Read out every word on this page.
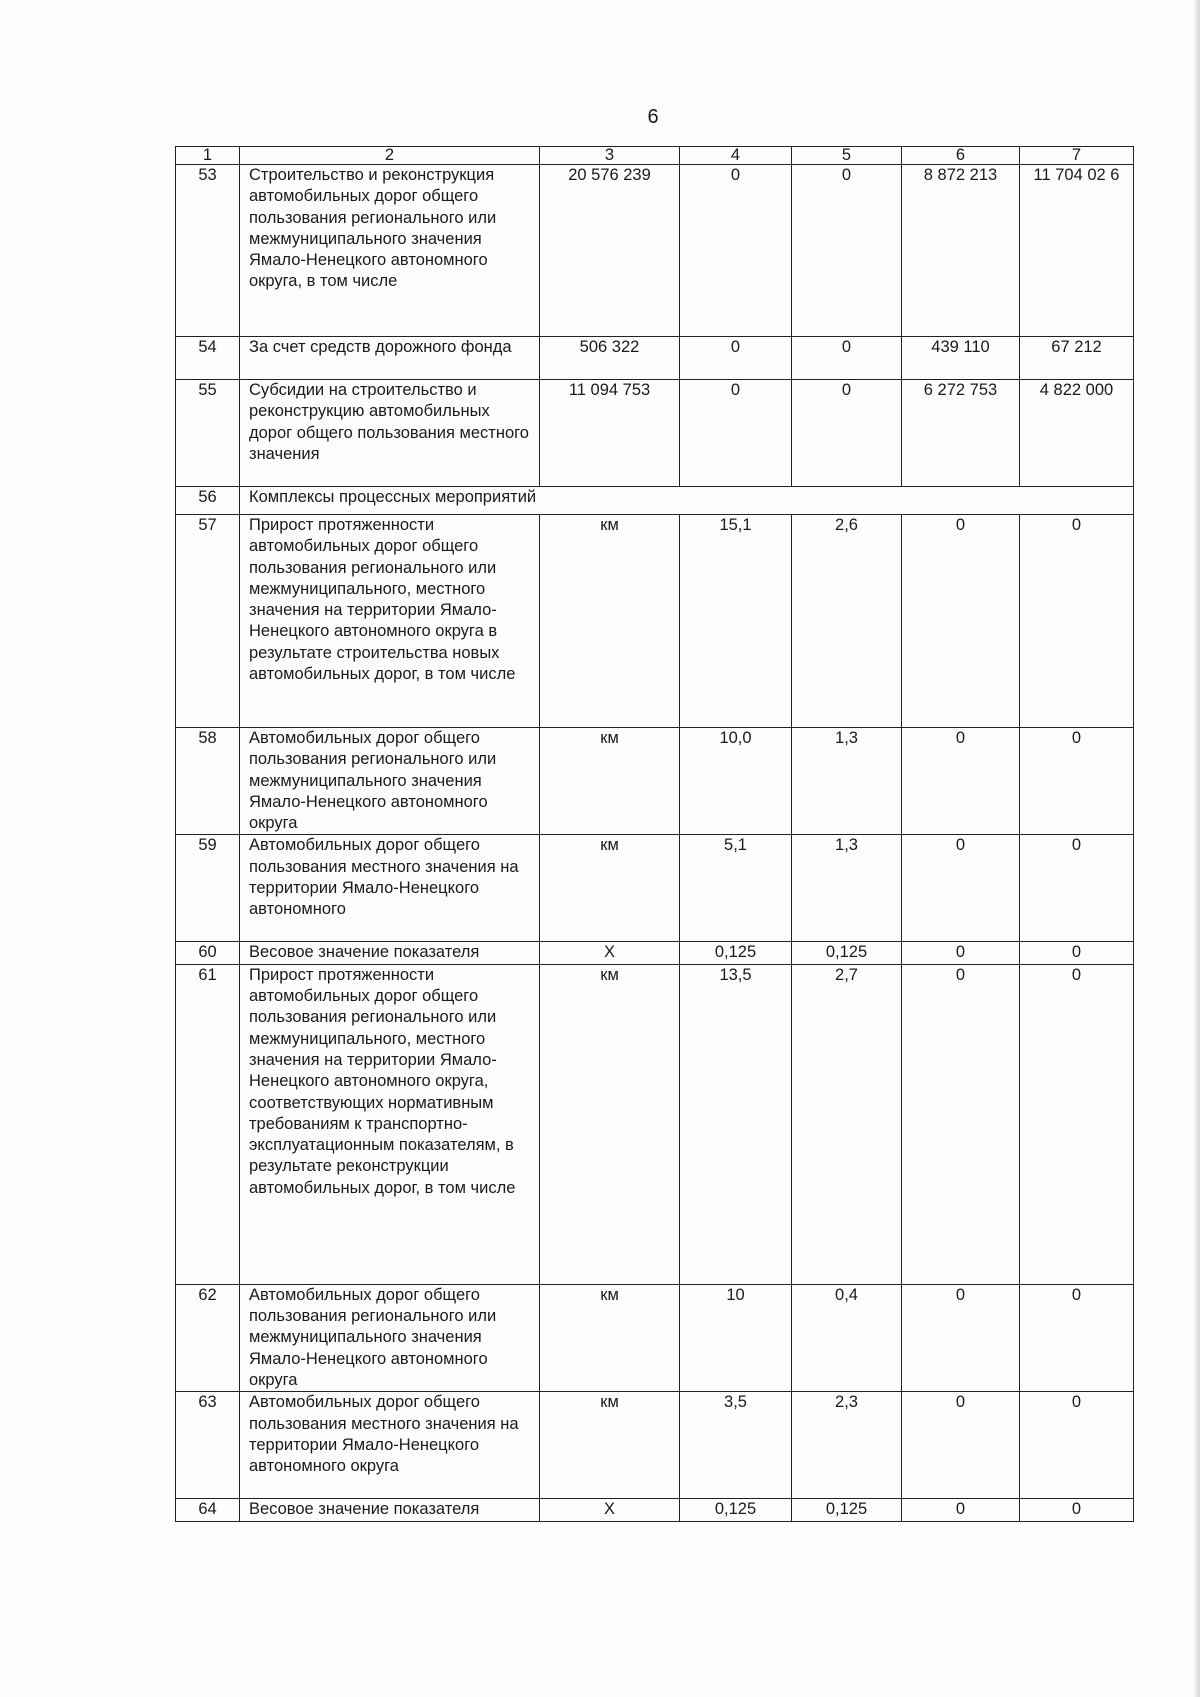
6
1	2	3	4	5	6	7
53	Строительство и реконструкция автомобильных дорог общего пользования регионального или межмуниципального значения Ямало-Ненецкого автономного округа, в том числе	20 576 239	0	0	8 872 213	11 704 02 6
54	За счет средств дорожного фонда	506 322	0	0	439 110	67 212
55	Субсидии на строительство и реконструкцию автомобильных дорог общего пользования местного значения	11 094 753	0	0	6 272 753	4 822 000
56	Комплексы процессных мероприятий					
57	Прирост протяженности автомобильных дорог общего пользования регионального или межмуниципального, местного значения на территории Ямало-Ненецкого автономного округа в результате строительства новых автомобильных дорог, в том числе	км	15,1	2,6	0	0
58	Автомобильных дорог общего пользования регионального или межмуниципального значения Ямало-Ненецкого автономного округа	км	10,0	1,3	0	0
59	Автомобильных дорог общего пользования местного значения на территории Ямало-Ненецкого автономного	км	5,1	1,3	0	0
60	Весовое значение показателя	Х	0,125	0,125	0	0
61	Прирост протяженности автомобильных дорог общего пользования регионального или межмуниципального, местного значения на территории Ямало-Ненецкого автономного округа, соответствующих нормативным требованиям к транспортно-эксплуатационным показателям, в результате реконструкции автомобильных дорог, в том числе	км	13,5	2,7	0	0
62	Автомобильных дорог общего пользования регионального или межмуниципального значения Ямало-Ненецкого автономного округа	км	10	0,4	0	0
63	Автомобильных дорог общего пользования местного значения на территории Ямало-Ненецкого автономного округа	км	3,5	2,3	0	0
64	Весовое значение показателя	Х	0,125	0,125	0	0
